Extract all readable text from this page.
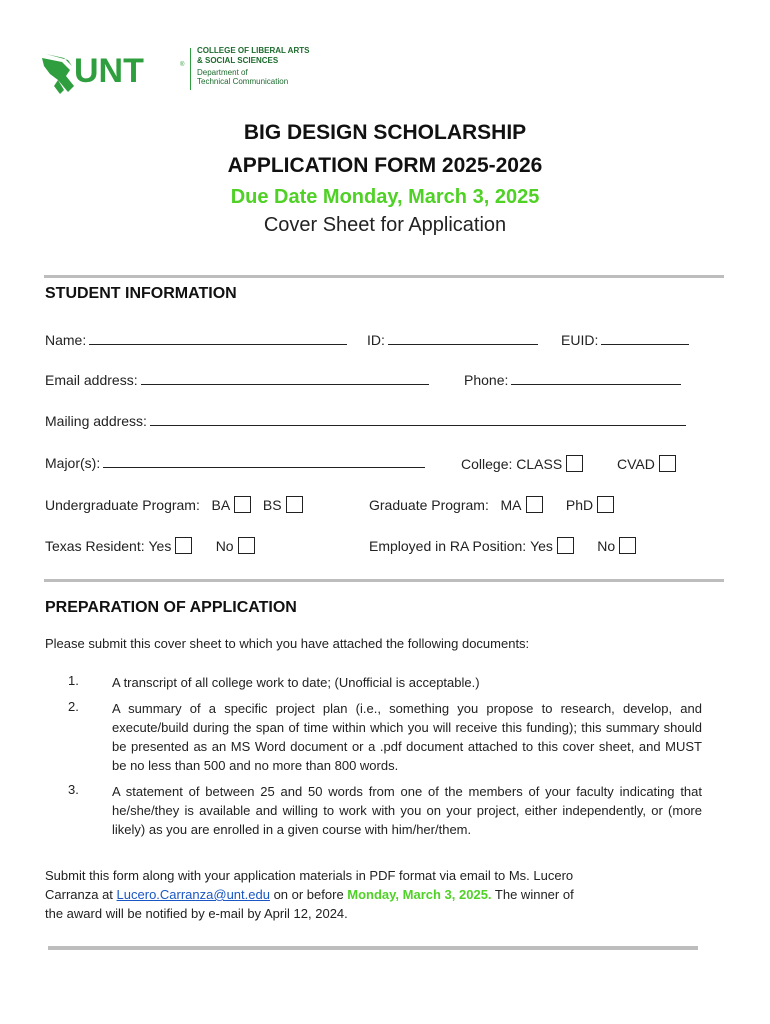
UNT	®
COLLEGE OF LIBERAL ARTS
& SOCIAL SCIENCES
Department of
Technical Communication
BIG DESIGN SCHOLARSHIP
APPLICATION FORM 2025-2026
Due Date Monday, March 3, 2025
Cover Sheet for Application
STUDENT INFORMATION
Name:	ID:	EUID:
Email address:	Phone:
Mailing address:
Major(s):	College: CLASS	CVAD
Undergraduate Program: BA BS	Graduate Program: MA	PhD
Texas Resident: Yes	No	Employed in RA Position: Yes	No
PREPARATION OF APPLICATION
Please submit this cover sheet to which you have attached the following documents:
1.	A transcript of all college work to date; (Unofficial is acceptable.)
2.	A summary of a specific project plan (i.e., something you propose to research, develop, and execute/build during the span of time within which you will receive this funding); this summary should be presented as an MS Word document or a .pdf document attached to this cover sheet, and MUST be no less than 500 and no more than 800 words.
3.	A statement of between 25 and 50 words from one of the members of your faculty indicating that he/she/they is available and willing to work with you on your project, either independently, or (more likely) as you are enrolled in a given course with him/her/them.
Submit this form along with your application materials in PDF format via email to Ms. Lucero
Carranza at Lucero.Carranza@unt.edu on or before Monday, March 3, 2025. The winner of
the award will be notified by e-mail by April 12, 2024.
